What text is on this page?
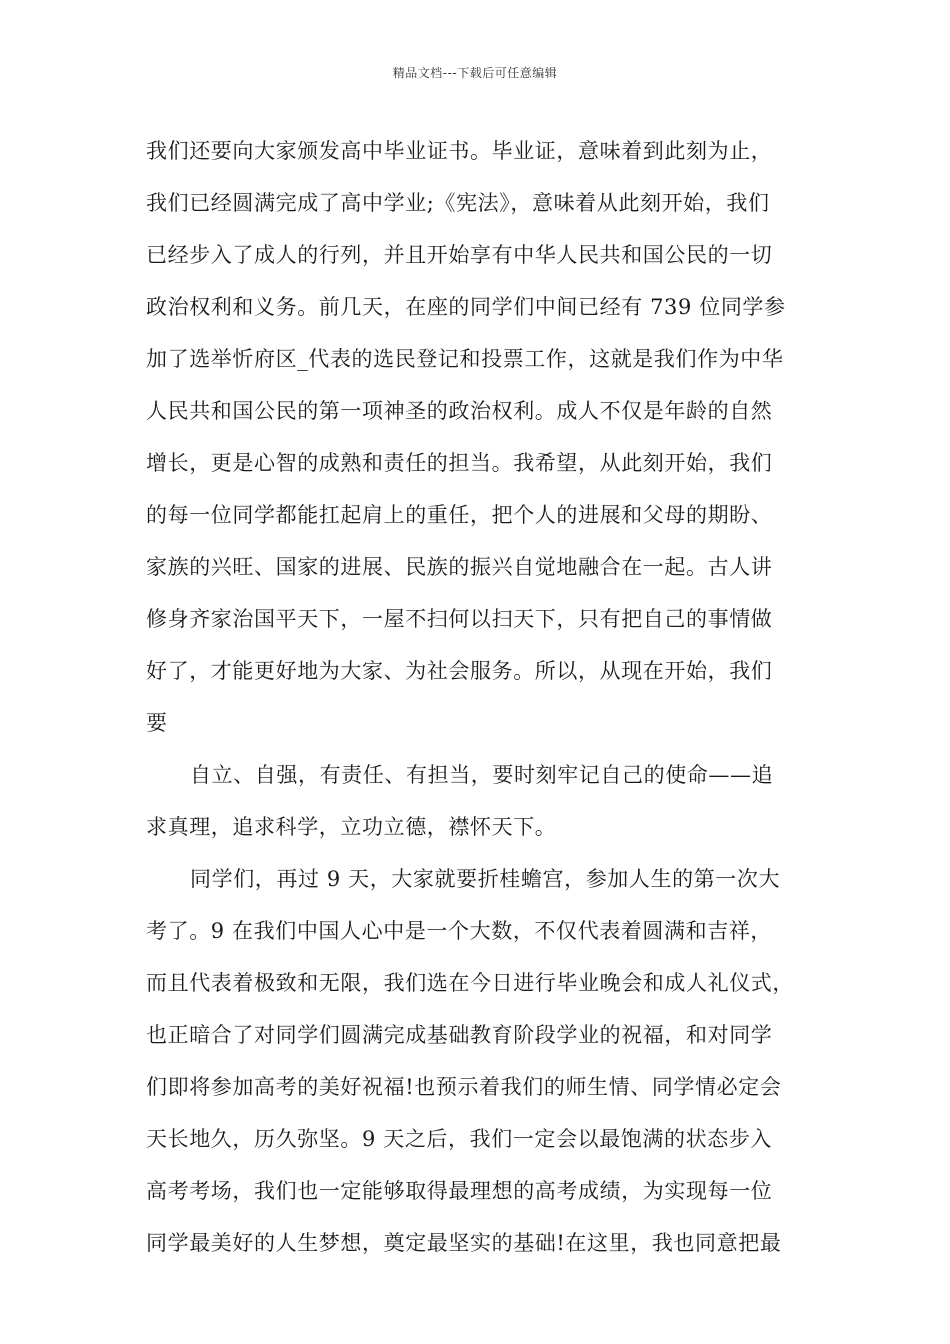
精品文档---下载后可任意编辑
我们还要向大家颁发高中毕业证书。毕业证，意味着到此刻为止，
我们已经圆满完成了高中学业;《宪法》，意味着从此刻开始，我们
已经步入了成人的行列，并且开始享有中华人民共和国公民的一切
政治权利和义务。前几天，在座的同学们中间已经有 739 位同学参
加了选举忻府区_代表的选民登记和投票工作，这就是我们作为中华
人民共和国公民的第一项神圣的政治权利。成人不仅是年龄的自然
增长，更是心智的成熟和责任的担当。我希望，从此刻开始，我们
的每一位同学都能扛起肩上的重任，把个人的进展和父母的期盼、
家族的兴旺、国家的进展、民族的振兴自觉地融合在一起。古人讲
修身齐家治国平天下，一屋不扫何以扫天下，只有把自己的事情做
好了，才能更好地为大家、为社会服务。所以，从现在开始，我们
要
自立、自强，有责任、有担当，要时刻牢记自己的使命——追
求真理，追求科学，立功立德，襟怀天下。
同学们，再过 9 天，大家就要折桂蟾宫，参加人生的第一次大
考了。9 在我们中国人心中是一个大数，不仅代表着圆满和吉祥，
而且代表着极致和无限，我们选在今日进行毕业晚会和成人礼仪式，
也正暗合了对同学们圆满完成基础教育阶段学业的祝福，和对同学
们即将参加高考的美好祝福!也预示着我们的师生情、同学情必定会
天长地久，历久弥坚。9 天之后，我们一定会以最饱满的状态步入
高考考场，我们也一定能够取得最理想的高考成绩，为实现每一位
同学最美好的人生梦想，奠定最坚实的基础!在这里，我也同意把最
